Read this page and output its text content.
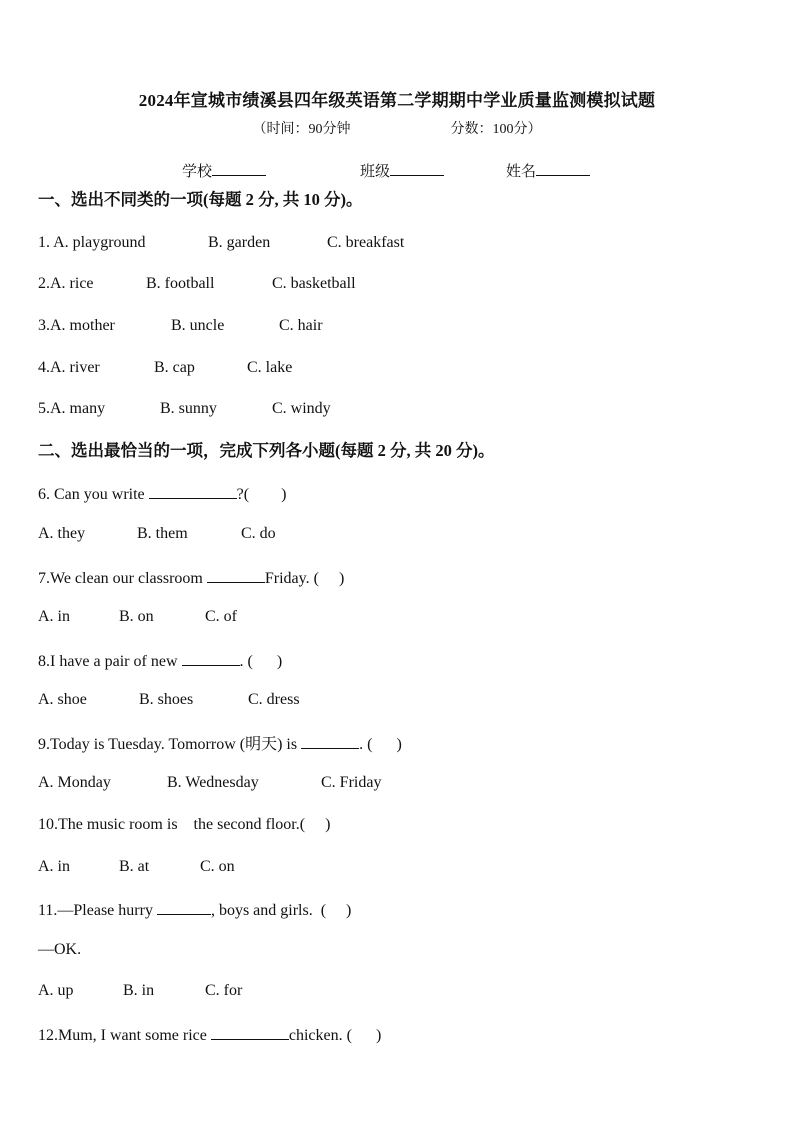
2024年宣城市绩溪县四年级英语第二学期期中学业质量监测模拟试题
（时间：90分钟	分数：100分）
学校	班级	姓名
一、选出不同类的一项(每题 2 分, 共 10 分)。
1. A. playground	B. garden	C. breakfast
2.A. rice	B. football	C. basketball
3.A. mother	B. uncle	C. hair
4.A. river	B. cap	C. lake
5.A. many	B. sunny	C. windy
二、选出最恰当的一项，完成下列各小题(每题 2 分, 共 20 分)。
6. Can you write	?(        )
A. they	B. them	C. do
7.We clean our classroom	Friday. (     )
A. in	B. on	C. of
8.I have a pair of new	. (      )
A. shoe	B. shoes	C. dress
9.Today is Tuesday. Tomorrow (明天) is	. (      )
A. Monday	B. Wednesday	C. Friday
10.The music room is    the second floor.(     )
A. in	B. at	C. on
11.—Please hurry	, boys and girls.  (     )
—OK.
A. up	B. in	C. for
12.Mum, I want some rice	chicken. (      )
